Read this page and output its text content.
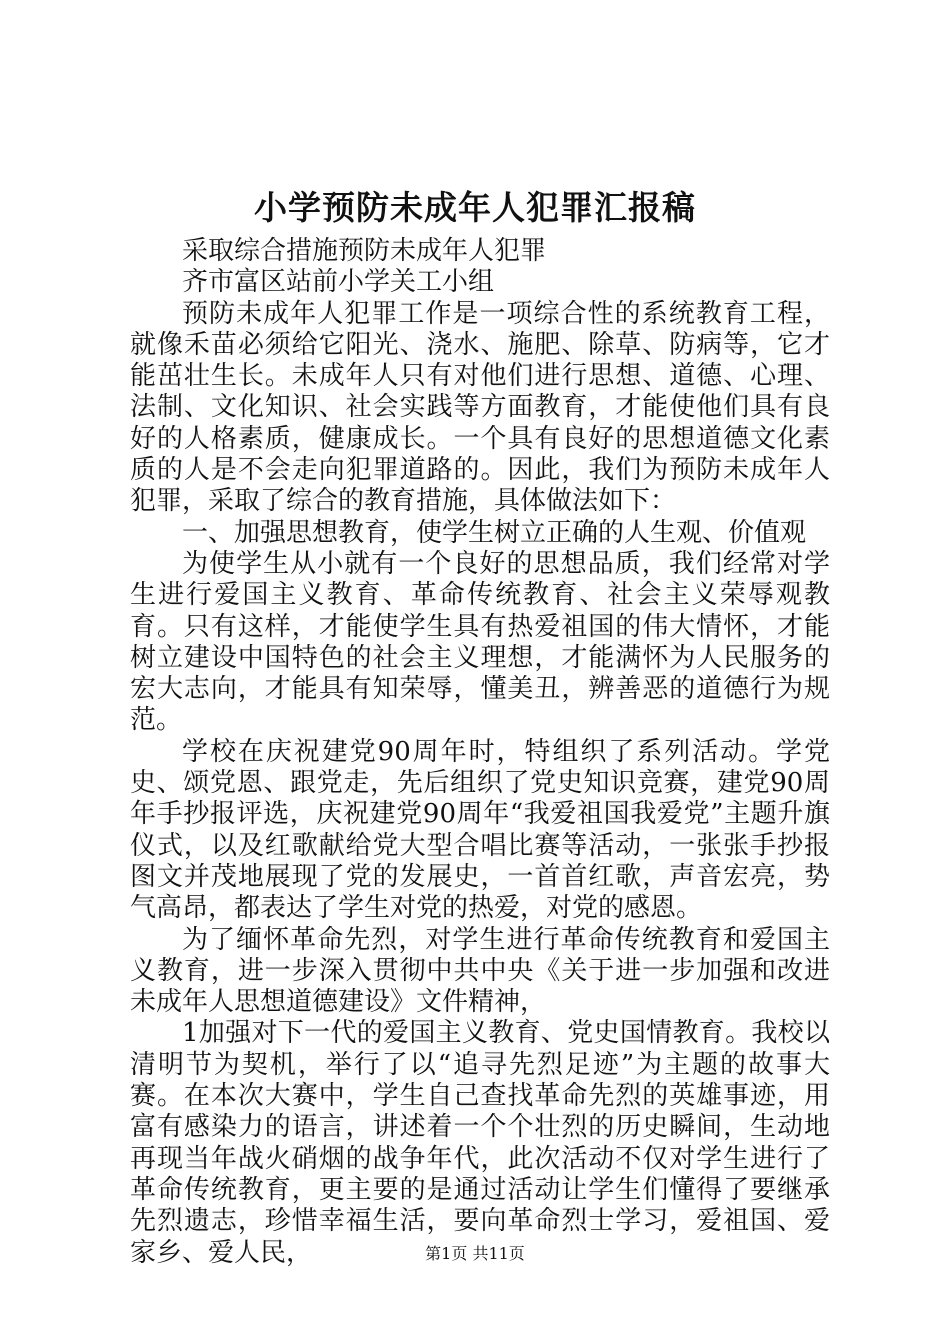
小学预防未成年人犯罪汇报稿

采取综合措施预防未成年人犯罪

齐市富区站前小学关工小组

预防未成年人犯罪工作是一项综合性的系统教育工程，就像禾苗必须给它阳光、浇水、施肥、除草、防病等，它才能茁壮生长。未成年人只有对他们进行思想、道德、心理、法制、文化知识、社会实践等方面教育，才能使他们具有良好的人格素质，健康成长。一个具有良好的思想道德文化素质的人是不会走向犯罪道路的。因此，我们为预防未成年人犯罪，采取了综合的教育措施，具体做法如下：

一、加强思想教育，使学生树立正确的人生观、价值观

为使学生从小就有一个良好的思想品质，我们经常对学生进行爱国主义教育、革命传统教育、社会主义荣辱观教育。只有这样，才能使学生具有热爱祖国的伟大情怀，才能树立建设中国特色的社会主义理想，才能满怀为人民服务的宏大志向，才能具有知荣辱，懂美丑，辨善恶的道德行为规范。

学校在庆祝建党90周年时，特组织了系列活动。学党史、颂党恩、跟党走，先后组织了党史知识竞赛，建党90周年手抄报评选，庆祝建党90周年“我爱祖国我爱党”主题升旗仪式，以及红歌献给党大型合唱比赛等活动，一张张手抄报图文并茂地展现了党的发展史，一首首红歌，声音宏亮，势气高昂，都表达了学生对党的热爱，对党的感恩。

为了缅怀革命先烈，对学生进行革命传统教育和爱国主义教育，进一步深入贯彻中共中央《关于进一步加强和改进未成年人思想道德建设》文件精神，

1加强对下一代的爱国主义教育、党史国情教育。我校以清明节为契机，举行了以“追寻先烈足迹”为主题的故事大赛。在本次大赛中，学生自己查找革命先烈的英雄事迹，用富有感染力的语言，讲述着一个个壮烈的历史瞬间，生动地再现当年战火硝烟的战争年代，此次活动不仅对学生进行了革命传统教育，更主要的是通过活动让学生们懂得了要继承先烈遗志，珍惜幸福生活，要向革命烈士学习，爱祖国、爱家乡、爱人民，	第1页 共11页
